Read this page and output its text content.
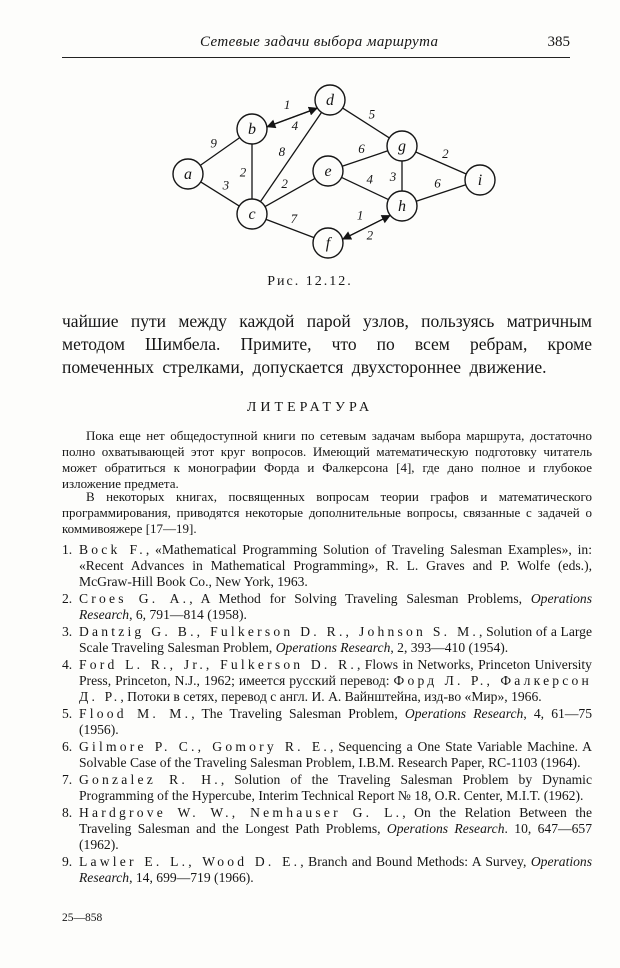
Сетевые задачи выбора маршрута	385
9
3
2
1
4
8
2
7
5
6
4 3
2
6
1
2
a
b
c
d
e
f
g
h
i
Рис. 12.12.
чайшие пути между каждой парой узлов, пользуясь матричным методом Шимбела. Примите, что по всем ребрам, кроме помеченных стрелками, допускается двухстороннее движение.
ЛИТЕРАТУРА

Пока еще нет общедоступной книги по сетевым задачам выбора маршрута, достаточно полно охватывающей этот круг вопросов. Имеющий математическую подготовку читатель может обратиться к монографии Форда и Фалкерсона [4], где дано полное и глубокое изложение предмета.

В некоторых книгах, посвященных вопросам теории графов и математического программирования, приводятся некоторые дополнительные вопросы, связанные с задачей о коммивояжере [17—19].

1. Bock F., «Mathematical Programming Solution of Traveling Salesman Examples», in: «Recent Advances in Mathematical Programming», R. L. Graves and P. Wolfe (eds.), McGraw-Hill Book Co., New York, 1963.
2. Croes G. A., A Method for Solving Traveling Salesman Problems, Operations Research, 6, 791—814 (1958).
3. Dantzig G. B., Fulkerson D. R., Johnson S. M., Solution of a Large Scale Traveling Salesman Problem, Operations Research, 2, 393—410 (1954).
4. Ford L. R., Jr., Fulkerson D. R., Flows in Networks, Princeton University Press, Princeton, N.J., 1962; имеется русский перевод: Форд Л. Р., Фалкерсон Д. Р., Потоки в сетях, перевод с англ. И. А. Вайнштейна, изд-во «Мир», 1966.
5. Flood M. M., The Traveling Salesman Problem, Operations Research, 4, 61—75 (1956).
6. Gilmore P. C., Gomory R. E., Sequencing a One State Variable Machine. A Solvable Case of the Traveling Salesman Problem, I.B.M. Research Paper, RC-1103 (1964).
7. Gonzalez R. H., Solution of the Traveling Salesman Problem by Dynamic Programming of the Hypercube, Interim Technical Report № 18, O.R. Center, M.I.T. (1962).
8. Hardgrove W. W., Nemhauser G. L., On the Relation Between the Traveling Salesman and the Longest Path Problems, Operations Research. 10, 647—657 (1962).
9. Lawler E. L., Wood D. E., Branch and Bound Methods: A Survey, Operations Research, 14, 699—719 (1966).
25—858
